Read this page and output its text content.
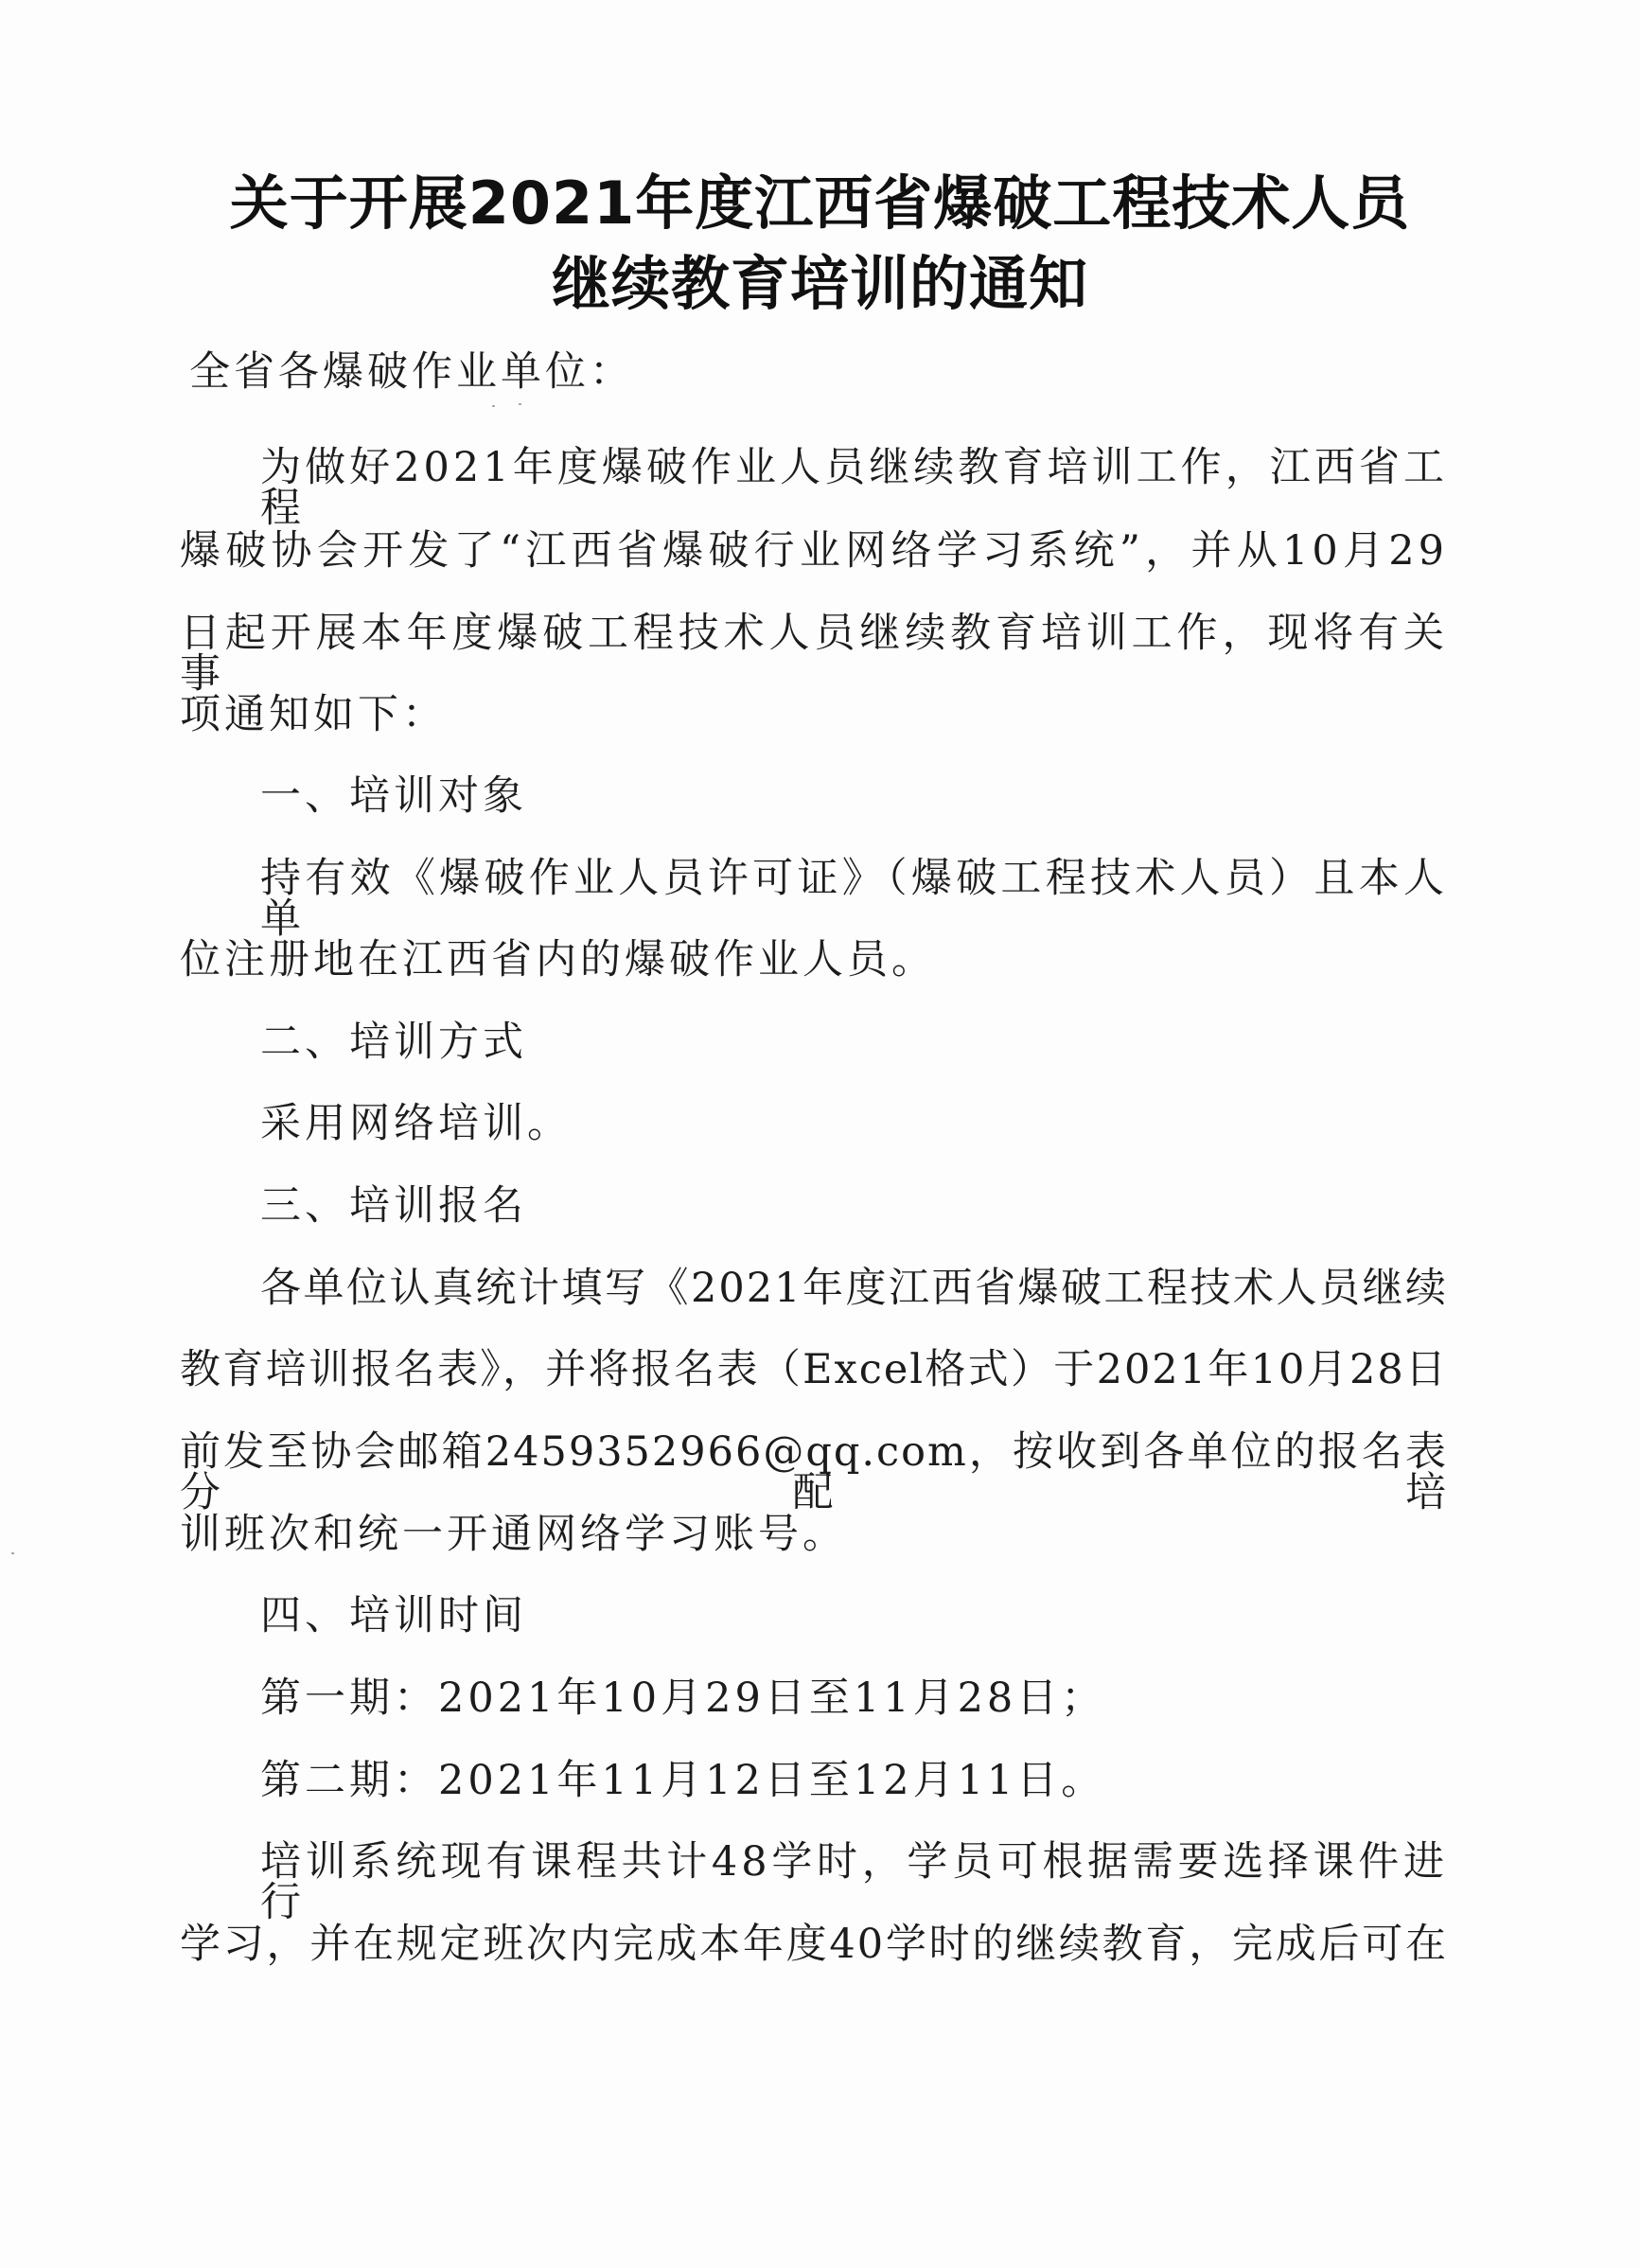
关于开展2021年度江西省爆破工程技术人员
继续教育培训的通知
全省各爆破作业单位：
为做好2021年度爆破作业人员继续教育培训工作，江西省工程
爆破协会开发了“江西省爆破行业网络学习系统”，并从10月29
日起开展本年度爆破工程技术人员继续教育培训工作，现将有关事
项通知如下：
一、培训对象
持有效《爆破作业人员许可证》（爆破工程技术人员）且本人单
位注册地在江西省内的爆破作业人员。
二、培训方式
采用网络培训。
三、培训报名
各单位认真统计填写《2021年度江西省爆破工程技术人员继续
教育培训报名表》，并将报名表（Excel格式）于2021年10月28日
前发至协会邮箱2459352966@qq.com，按收到各单位的报名表分配培
训班次和统一开通网络学习账号。
四、培训时间
第一期：2021年10月29日至11月28日；
第二期：2021年11月12日至12月11日。
培训系统现有课程共计48学时，学员可根据需要选择课件进行
学习，并在规定班次内完成本年度40学时的继续教育，完成后可在
